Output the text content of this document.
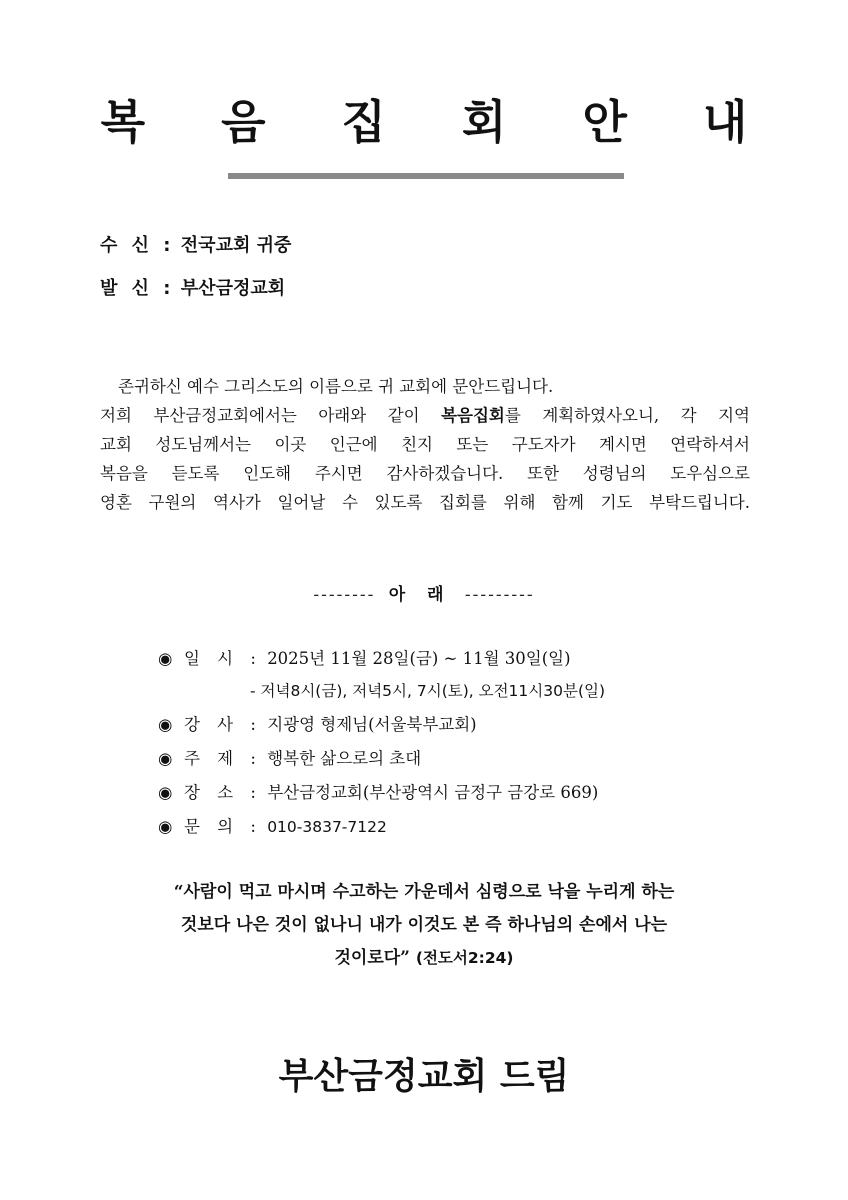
복 음 집 회 안 내
수 신 : 전국교회 귀중
발 신 : 부산금정교회
존귀하신 예수 그리스도의 이름으로 귀 교회에 문안드립니다.
저희 부산금정교회에서는 아래와 같이 복음집회를 계획하였사오니, 각 지역
교회 성도님께서는 이곳 인근에 친지 또는 구도자가 계시면 연락하셔서
복음을 듣도록 인도해 주시면 감사하겠습니다. 또한 성령님의 도우심으로
영혼 구원의 역사가 일어날 수 있도록 집회를 위해 함께 기도 부탁드립니다.
-------- 아 래 ---------
◉ 일 시 : 2025년 11월 28일(금) ~ 11월 30일(일)
- 저녁8시(금), 저녁5시, 7시(토), 오전11시30분(일)
◉ 강 사 : 지광영 형제님(서울북부교회)
◉ 주 제 : 행복한 삶으로의 초대
◉ 장 소 : 부산금정교회(부산광역시 금정구 금강로 669)
◉ 문 의 : 010-3837-7122
“사람이 먹고 마시며 수고하는 가운데서 심령으로 낙을 누리게 하는
것보다 나은 것이 없나니 내가 이것도 본 즉 하나님의 손에서 나는
것이로다” (전도서2:24)
부산금정교회 드림
